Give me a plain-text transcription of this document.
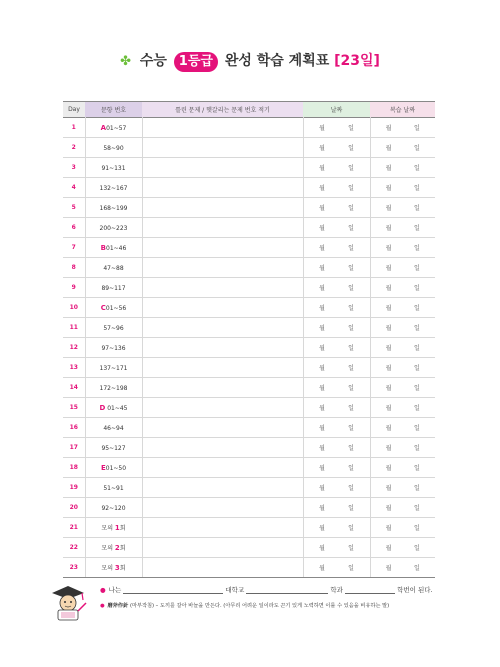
✤ 수능 1등급 완성 학습 계획표 [23일]
Day	문항 번호	틀린 문제 / 헷갈리는 문제 번호 적기	날짜	복습 날짜
1	A01~57		월 일	월 일

2	58~90		월 일	월 일

3	91~131		월 일	월 일

4	132~167		월 일	월 일

5	168~199		월 일	월 일

6	200~223		월 일	월 일

7	B01~46		월 일	월 일

8	47~88		월 일	월 일

9	89~117		월 일	월 일

10	C01~56		월 일	월 일

11	57~96		월 일	월 일

12	97~136		월 일	월 일

13	137~171		월 일	월 일

14	172~198		월 일	월 일

15	D 01~45		월 일	월 일

16	46~94		월 일	월 일

17	95~127		월 일	월 일

18	E01~50		월 일	월 일

19	51~91		월 일	월 일

20	92~120		월 일	월 일

21	모의 1회		월 일	월 일

22	모의 2회		월 일	월 일

23	모의 3회		월 일	월 일
● 나는	대학교	학과	학번이 된다.
● 磨斧作針 (마부작침) – 도끼를 갈아 바늘을 만든다. (아무리 어려운 일이라도 끈기 있게 노력하면 이룰 수 있음을 비유하는 말)
